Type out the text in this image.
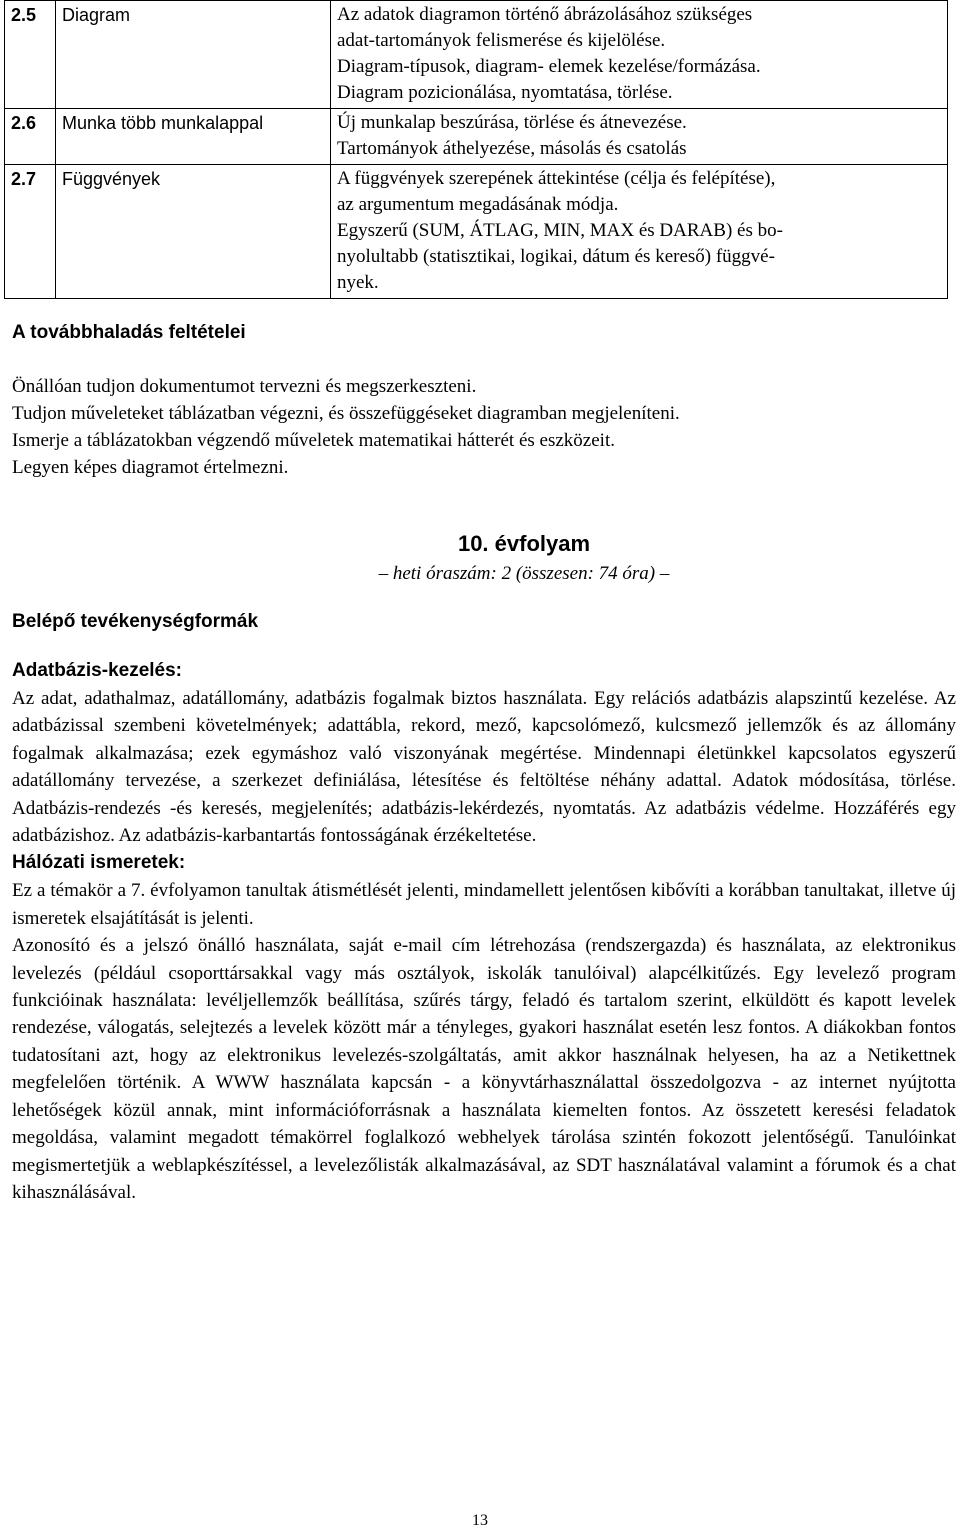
2.5	Diagram	Az adatok diagramon történő ábrázolásához szükséges
adat-tartományok felismerése és kijelölése.
Diagram-típusok, diagram- elemek kezelése/formázása.
Diagram pozicionálása, nyomtatása, törlése.

2.6	Munka több munkalappal	Új munkalap beszúrása, törlése és átnevezése.
Tartományok áthelyezése, másolás és csatolás

2.7	Függvények	A függvények szerepének áttekintése (célja és felépítése),
az argumentum megadásának módja.
Egyszerű (SUM, ÁTLAG, MIN, MAX és DARAB) és bo-
nyolultabb (statisztikai, logikai, dátum és kereső) függvé-
nyek.
A továbbhaladás feltételei
Önállóan tudjon dokumentumot tervezni és megszerkeszteni.
Tudjon műveleteket táblázatban végezni, és összefüggéseket diagramban megjeleníteni.
Ismerje a táblázatokban végzendő műveletek matematikai hátterét és eszközeit.
Legyen képes diagramot értelmezni.
10. évfolyam
– heti óraszám: 2 (összesen: 74 óra) –
Belépő tevékenységformák
Adatbázis-kezelés:
Az adat, adathalmaz, adatállomány, adatbázis fogalmak biztos használata. Egy relációs adatbázis alapszintű kezelése. Az adatbázissal szembeni követelmények; adattábla, rekord, mező, kapcsolómező, kulcsmező jellemzők és az állomány fogalmak alkalmazása; ezek egymáshoz való viszonyának megértése. Mindennapi életünkkel kapcsolatos egyszerű adatállomány tervezése, a szerkezet definiálása, létesítése és feltöltése néhány adattal. Adatok módosítása, törlése. Adatbázis-rendezés -és keresés, megjelenítés; adatbázis-lekérdezés, nyomtatás. Az adatbázis védelme. Hozzáférés egy adatbázishoz. Az adatbázis-karbantartás fontosságának érzékeltetése.
Hálózati ismeretek:
Ez a témakör a 7. évfolyamon tanultak átismétlését jelenti, mindamellett jelentősen kibővíti a korábban tanultakat, illetve új ismeretek elsajátítását is jelenti.
Azonosító és a jelszó önálló használata, saját e-mail cím létrehozása (rendszergazda) és használata, az elektronikus levelezés (például csoporttársakkal vagy más osztályok, iskolák tanulóival) alapcélkitűzés. Egy levelező program funkcióinak használata: levéljellemzők beállítása, szűrés tárgy, feladó és tartalom szerint, elküldött és kapott levelek rendezése, válogatás, selejtezés a levelek között már a tényleges, gyakori használat esetén lesz fontos. A diákokban fontos tudatosítani azt, hogy az elektronikus levelezés-szolgáltatás, amit akkor használnak helyesen, ha az a Netikettnek megfelelően történik. A WWW használata kapcsán - a könyvtárhasználattal összedolgozva - az internet nyújtotta lehetőségek közül annak, mint információforrásnak a használata kiemelten fontos. Az összetett keresési feladatok megoldása, valamint megadott témakörrel foglalkozó webhelyek tárolása szintén fokozott jelentőségű. Tanulóinkat megismertetjük a weblapkészítéssel, a levelezőlisták alkalmazásával, az SDT használatával valamint a fórumok és a chat kihasználásával.
13
